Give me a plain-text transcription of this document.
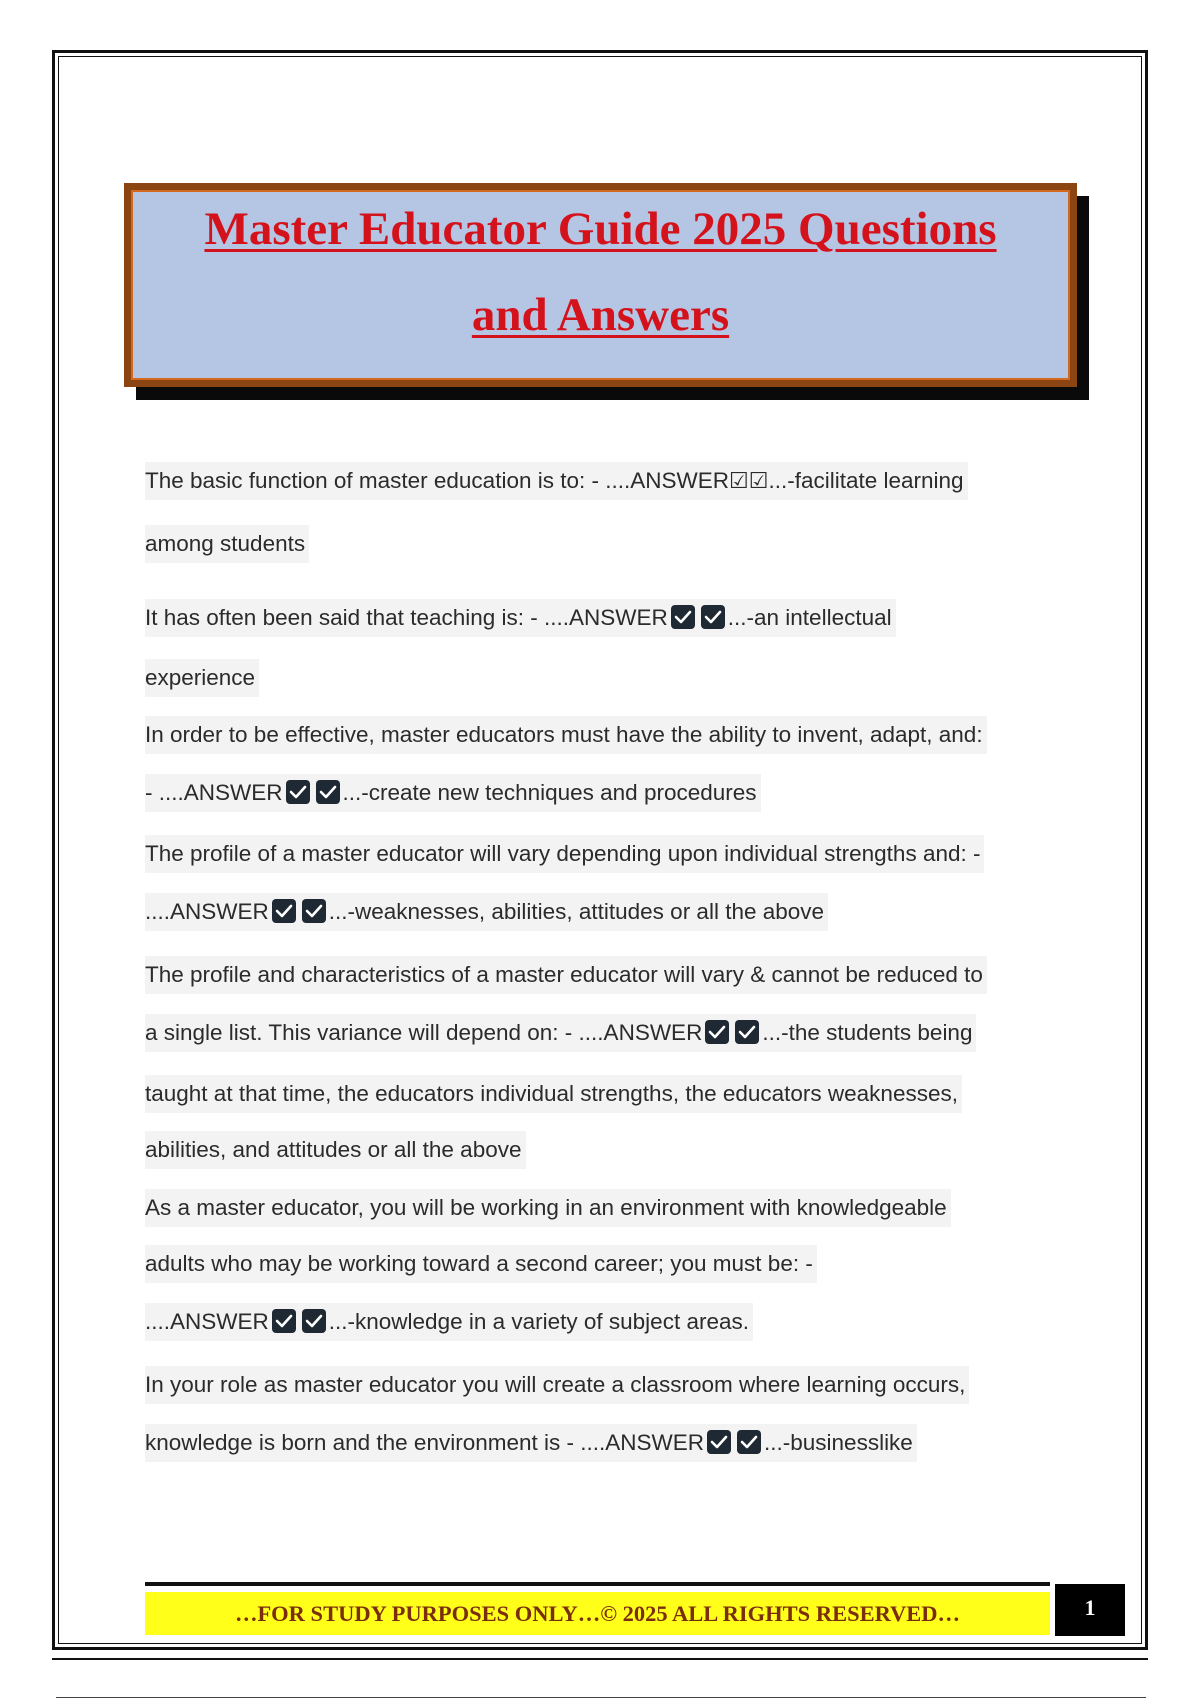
Master Educator Guide 2025 Questions
and Answers
The basic function of master education is to: - ....ANSWER☑☑...-facilitate learning
among students
It has often been said that teaching is: - ....ANSWER	...-an intellectual
experience
In order to be effective, master educators must have the ability to invent, adapt, and:
- ....ANSWER	...-create new techniques and procedures
The profile of a master educator will vary depending upon individual strengths and: -
....ANSWER	...-weaknesses, abilities, attitudes or all the above
The profile and characteristics of a master educator will vary & cannot be reduced to
a single list. This variance will depend on: - ....ANSWER	...-the students being
taught at that time, the educators individual strengths, the educators weaknesses,
abilities, and attitudes or all the above
As a master educator, you will be working in an environment with knowledgeable
adults who may be working toward a second career; you must be: -
....ANSWER	...-knowledge in a variety of subject areas.
In your role as master educator you will create a classroom where learning occurs,
knowledge is born and the environment is - ....ANSWER	...-businesslike
…FOR STUDY PURPOSES ONLY…© 2025 ALL RIGHTS RESERVED…	1
